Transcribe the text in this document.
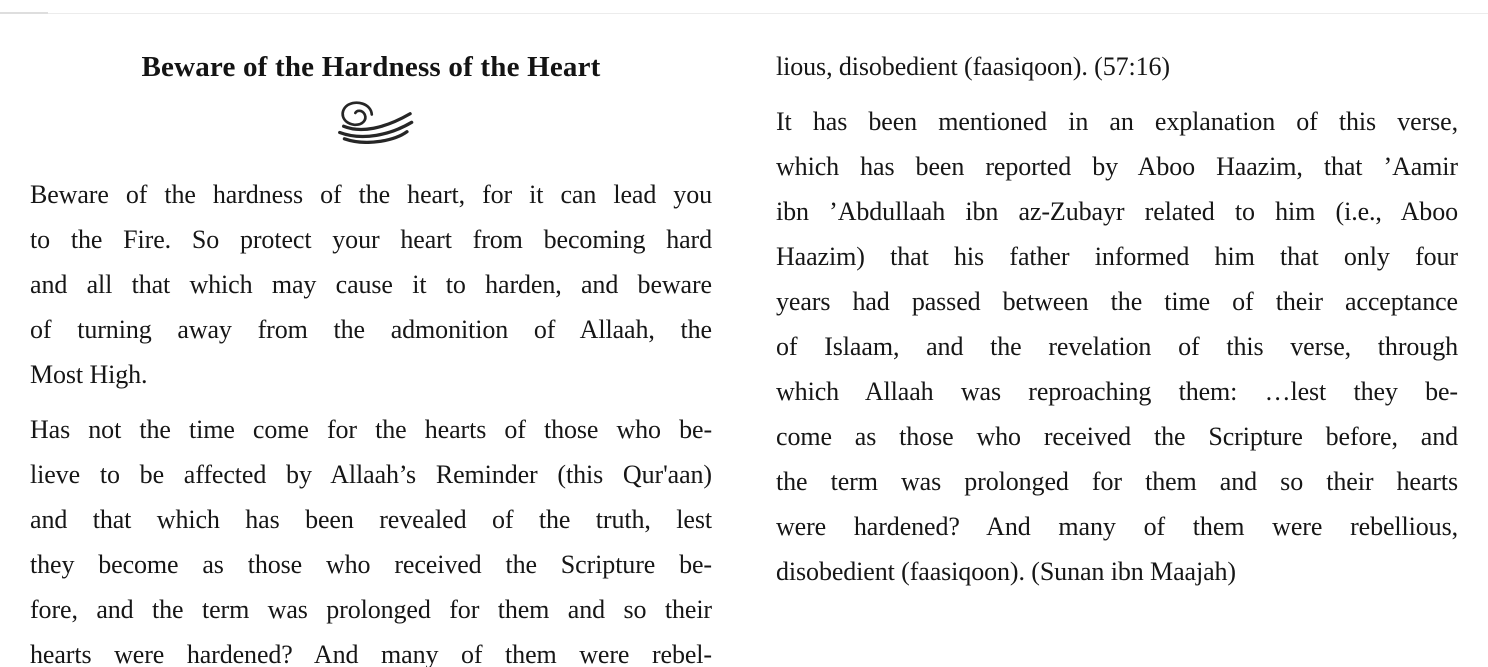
Beware of the Hardness of the Heart
Beware of the hardness of the heart, for it can lead you
to the Fire. So protect your heart from becoming hard
and all that which may cause it to harden, and beware
of turning away from the admonition of Allaah, the
Most High.
Has not the time come for the hearts of those who be-
lieve to be affected by Allaah’s Reminder (this Qur'aan)
and that which has been revealed of the truth, lest
they become as those who received the Scripture be-
fore, and the term was prolonged for them and so their
hearts were hardened? And many of them were rebel-
lious, disobedient (faasiqoon). (57:16)
It has been mentioned in an explanation of this verse,
which has been reported by Aboo Haazim, that ’Aamir
ibn ’Abdullaah ibn az-Zubayr related to him (i.e., Aboo
Haazim) that his father informed him that only four
years had passed between the time of their acceptance
of Islaam, and the revelation of this verse, through
which Allaah was reproaching them: …lest they be-
come as those who received the Scripture before, and
the term was prolonged for them and so their hearts
were hardened? And many of them were rebellious,
disobedient (faasiqoon). (Sunan ibn Maajah)
